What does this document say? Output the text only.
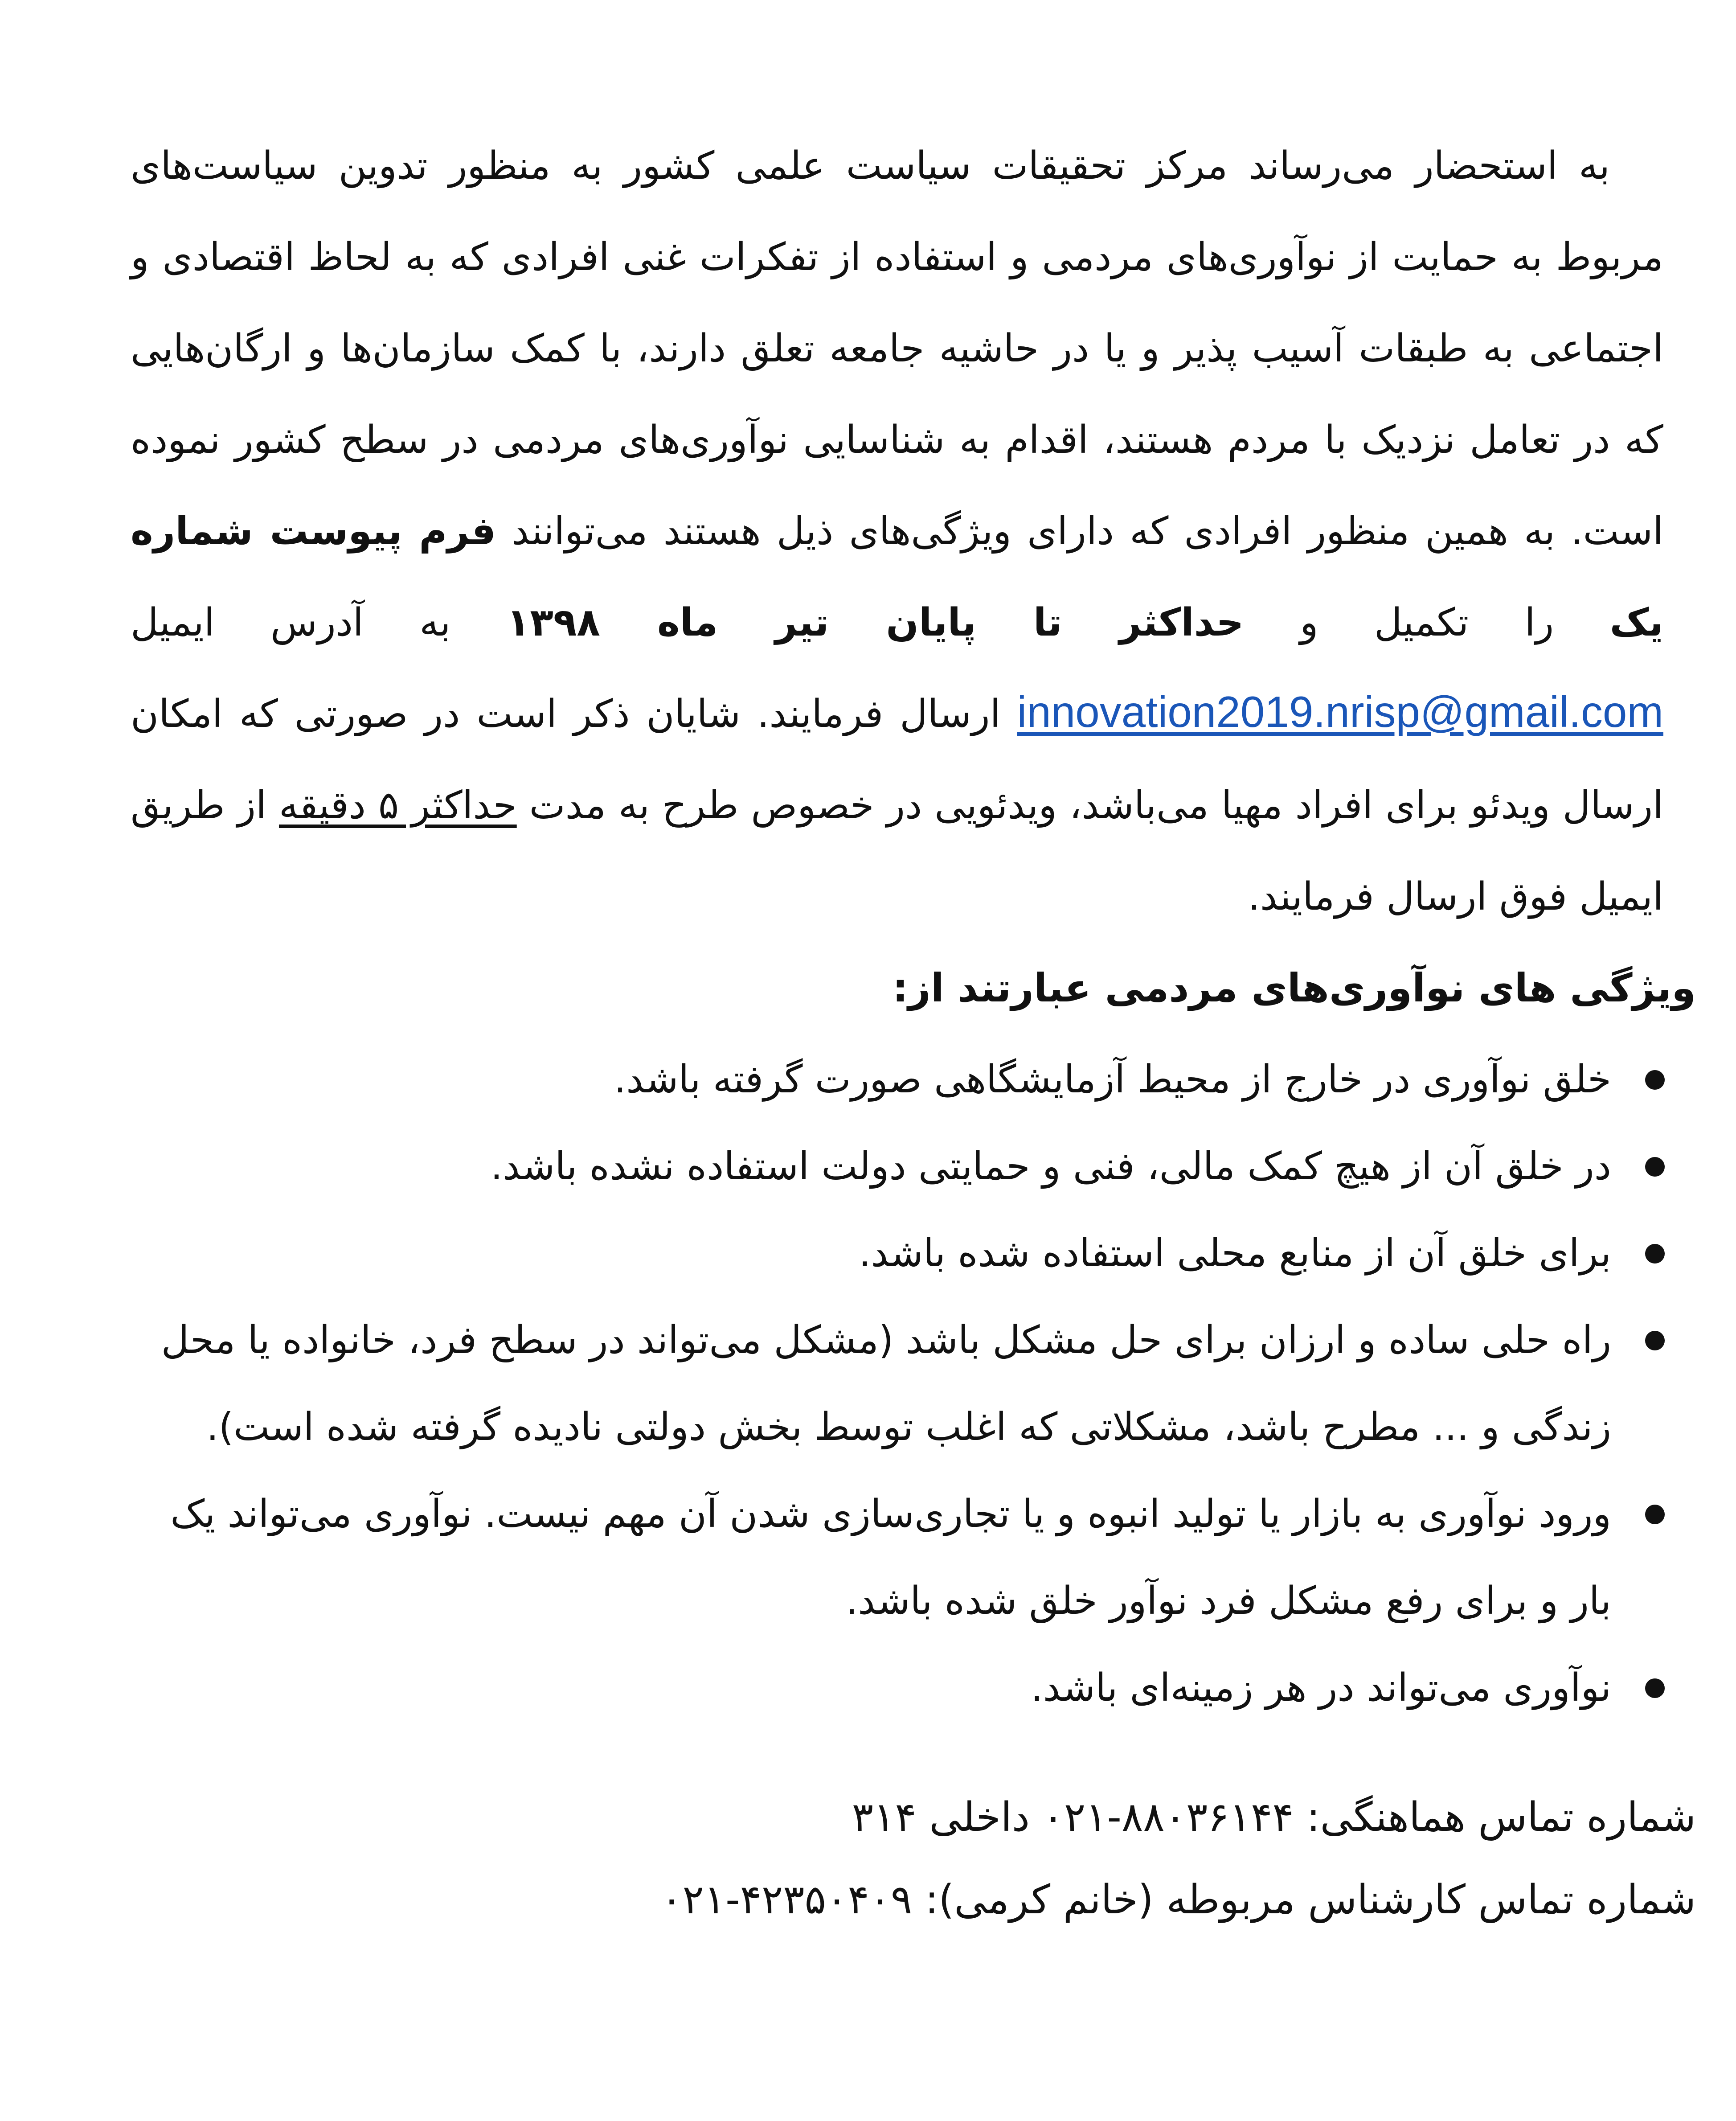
به استحضار می‌رساند مرکز تحقیقات سیاست علمی کشور به منظور تدوین سیاست‌های مربوط به حمایت از نوآوری‌های مردمی و استفاده از تفکرات غنی افرادی که به لحاظ اقتصادی و اجتماعی به طبقات آسیب پذیر و یا در حاشیه جامعه تعلق دارند، با کمک سازمان‌ها و ارگان‌هایی که در تعامل نزدیک با مردم هستند، اقدام به شناسایی نوآوری‌های مردمی در سطح کشور نموده است. به همین منظور افرادی که دارای ویژگی‌های ذیل هستند می‌توانند فرم پیوست شماره یک را تکمیل و حداکثر تا پایان تیر ماه ۱۳۹۸ به آدرس ایمیل innovation2019.nrisp@gmail.com ارسال فرمایند. شایان ذکر است در صورتی که امکان ارسال ویدئو برای افراد مهیا می‌باشد، ویدئویی در خصوص طرح به مدت حداکثر ۵ دقیقه از طریق ایمیل فوق ارسال فرمایند.

ویژگی های نوآوری‌های مردمی عبارتند از:

خلق نوآوری در خارج از محیط آزمایشگاهی صورت گرفته باشد.
در خلق آن از هیچ کمک مالی، فنی و حمایتی دولت استفاده نشده باشد.
برای خلق آن از منابع محلی استفاده شده باشد.
راه حلی ساده و ارزان برای حل مشکل باشد (مشکل می‌تواند در سطح فرد، خانواده یا محل زندگی و ... مطرح باشد، مشکلاتی که اغلب توسط بخش دولتی نادیده گرفته شده است).
ورود نوآوری به بازار یا تولید انبوه و یا تجاری‌سازی شدن آن مهم نیست. نوآوری می‌تواند یک بار و برای رفع مشکل فرد نوآور خلق شده باشد.
نوآوری می‌تواند در هر زمینه‌ای باشد.

شماره تماس هماهنگی: ۸۸۰۳۶۱۴۴-۰۲۱ داخلی ۳۱۴

شماره تماس کارشناس مربوطه (خانم کرمی): ۴۲۳۵۰۴۰۹-۰۲۱
